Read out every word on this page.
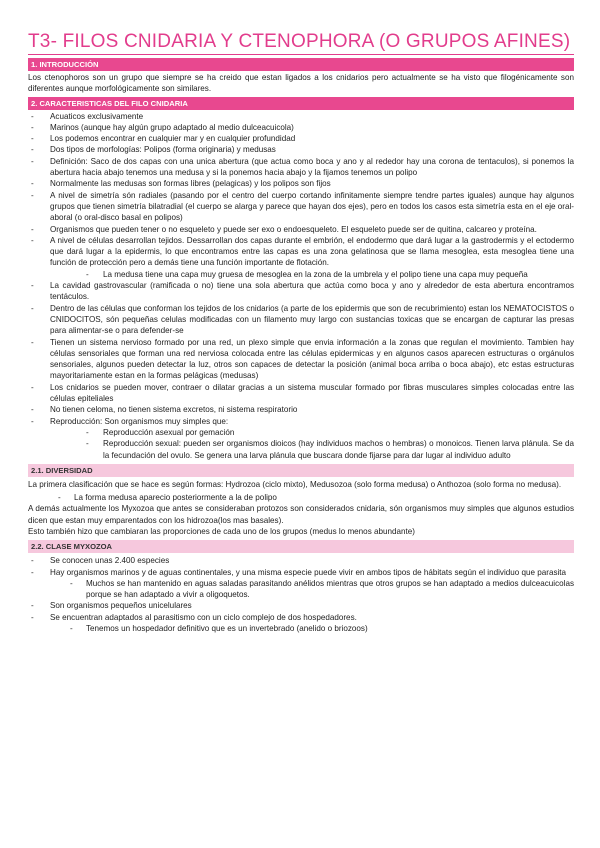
T3- FILOS CNIDARIA Y CTENOPHORA (O GRUPOS AFINES)
1. INTRODUCCIÓN

Los ctenophoros son un grupo que siempre se ha creido que estan ligados a los cnidarios pero actualmente se ha visto que filogénicamente son diferentes aunque morfológicamente son similares.

2. CARACTERISTICAS DEL FILO CNIDARIA
- Acuaticos exclusivamente
- Marinos (aunque hay algún grupo adaptado al medio dulceacuicola)
- Los podemos encontrar en cualquier mar y en cualquier profundidad
- Dos tipos de morfologías: Polipos (forma originaria) y medusas
- Definición: Saco de dos capas con una unica abertura (que actua como boca y ano y al rededor hay una corona de tentaculos), si ponemos la abertura hacia abajo tenemos una medusa y si la ponemos hacia abajo y la fijamos tenemos un polipo
- Normalmente las medusas son formas libres (pelagicas) y los polipos son fijos
- A nivel de simetría són radiales (pasando por el centro del cuerpo cortando infinitamente siempre tendre partes iguales) aunque hay algunos grupos que tienen simetría bilatradial (el cuerpo se alarga y parece que hayan dos ejes), pero en todos los casos esta simetría esta en el eje oral-aboral (o oral-disco basal en polipos)
- Organismos que pueden tener o no esqueleto y puede ser exo o endoesqueleto. El esqueleto puede ser de quitina, calcareo y proteína.
- A nivel de células desarrollan tejidos. Dessarrollan dos capas durante el embrión, el endodermo que dará lugar a la gastrodermis y el ectodermo que dará lugar a la epidermis, lo que encontramos entre las capas es una zona gelatinosa que se llama mesoglea, esta mesoglea tiene una función de protección pero a demás tiene una función importante de flotación.
- La medusa tiene una capa muy gruesa de mesoglea en la zona de la umbrela y el polipo tiene una capa muy pequeña
- La cavidad gastrovascular (ramificada o no) tiene una sola abertura que actúa como boca y ano y alrededor de esta abertura encontramos tentáculos.
- Dentro de las células que conforman los tejidos de los cnidarios (a parte de los epidermis que son de recubrimiento) estan los NEMATOCISTOS o CNIDOCITOS, són pequeñas celulas modificadas con un filamento muy largo con sustancias toxicas que se encargan de capturar las presas para alimentar-se o para defender-se
- Tienen un sistema nervioso formado por una red, un plexo simple que envia información a la zonas que regulan el movimiento. Tambien hay células sensoriales que forman una red nerviosa colocada entre las células epidermicas y en algunos casos aparecen estructuras o orgánulos sensoriales, algunos pueden detectar la luz, otros son capaces de detectar la posición (animal boca arriba o boca abajo), etc estas estructuras mayoritariamente estan en la formas pelágicas (medusas)
- Los cnidarios se pueden mover, contraer o dilatar gracias a un sistema muscular formado por fibras musculares simples colocadas entre las células epiteliales
- No tienen celoma, no tienen sistema excretos, ni sistema respiratorio
- Reproducción: Son organismos muy simples que:
- Reproducción asexual por gemación
- Reproducción sexual: pueden ser organismos dioicos (hay individuos machos o hembras) o monoicos. Tienen larva plánula. Se da la fecundación del ovulo. Se genera una larva plánula que buscara donde fijarse para dar lugar al individuo adulto
2.1. DIVERSIDAD

La primera clasificación que se hace es según formas: Hydrozoa (ciclo mixto), Medusozoa (solo forma medusa) o Anthozoa (solo forma no medusa).

- La forma medusa aparecio posteriormente a la de polipo

A demás actualmente los Myxozoa que antes se consideraban protozos son considerados cnidaria, són organismos muy simples que algunos estudios dicen que estan muy emparentados con los hidrozoa(los mas basales).

Esto también hizo que cambiaran las proporciones de cada uno de los grupos (medus lo menos abundante)

2.2. CLASE MYXOZOA
- Se conocen unas 2.400 especies
- Hay organismos marinos y de aguas continentales, y una misma especie puede vivir en ambos tipos de hábitats según el individuo que parasita
- Muchos se han mantenido en aguas saladas parasitando anélidos mientras que otros grupos se han adaptado a medios dulceacuicolas porque se han adaptado a vivir a oligoquetos.
- Son organismos pequeños unicelulares
- Se encuentran adaptados al parasitismo con un ciclo complejo de dos hospedadores.
- Tenemos un hospedador definitivo que es un invertebrado (anelido o briozoos)
